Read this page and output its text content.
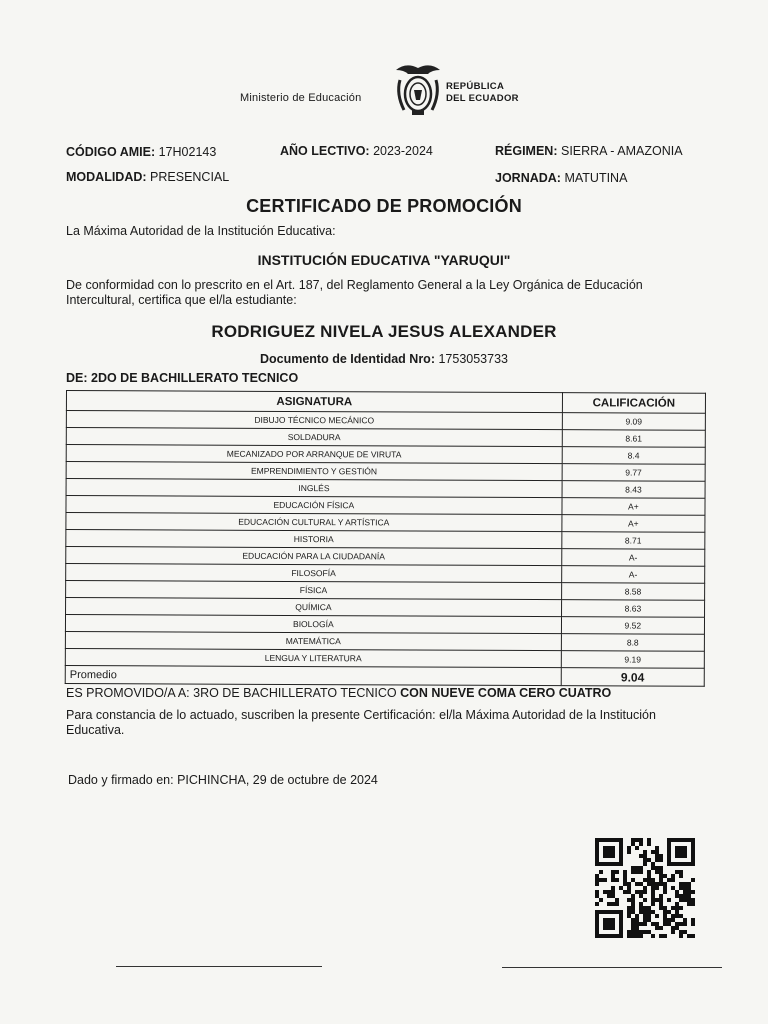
Ministerio de Educación
REPÚBLICA
DEL ECUADOR
CÓDIGO AMIE: 17H02143	AÑO LECTIVO: 2023-2024	RÉGIMEN: SIERRA - AMAZONIA
MODALIDAD: PRESENCIAL	JORNADA: MATUTINA
CERTIFICADO DE PROMOCIÓN
La Máxima Autoridad de la Institución Educativa:
INSTITUCIÓN EDUCATIVA "YARUQUI"
De conformidad con lo prescrito en el Art. 187, del Reglamento General a la Ley Orgánica de Educación Intercultural, certifica que el/la estudiante:
RODRIGUEZ NIVELA JESUS ALEXANDER
Documento de Identidad Nro: 1753053733
DE: 2DO DE BACHILLERATO TECNICO
ASIGNATURA	CALIFICACIÓN
DIBUJO TÉCNICO MECÁNICO	9.09
SOLDADURA	8.61
MECANIZADO POR ARRANQUE DE VIRUTA	8.4
EMPRENDIMIENTO Y GESTIÓN	9.77
INGLÉS	8.43
EDUCACIÓN FÍSICA	A+
EDUCACIÓN CULTURAL Y ARTÍSTICA	A+
HISTORIA	8.71
EDUCACIÓN PARA LA CIUDADANÍA	A-
FILOSOFÍA	A-
FÍSICA	8.58
QUÍMICA	8.63
BIOLOGÍA	9.52
MATEMÁTICA	8.8
LENGUA Y LITERATURA	9.19
Promedio	9.04
ES PROMOVIDO/A A: 3RO DE BACHILLERATO TECNICO CON NUEVE COMA CERO CUATRO
Para constancia de lo actuado, suscriben la presente Certificación: el/la Máxima Autoridad de la Institución Educativa.
Dado y firmado en: PICHINCHA, 29 de octubre de 2024
